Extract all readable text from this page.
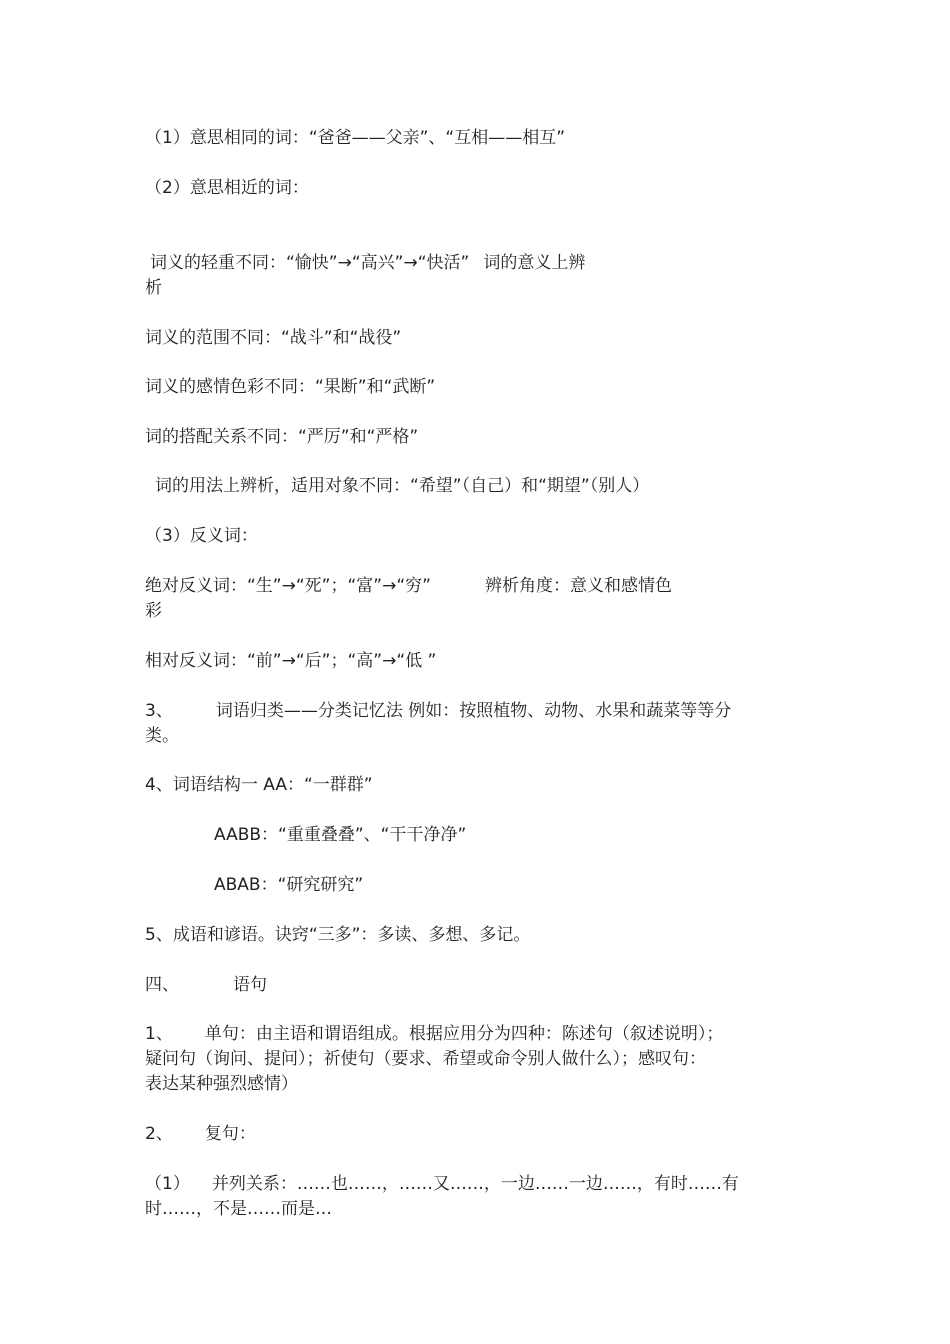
（1）意思相同的词：“爸爸——父亲”、“互相——相互”
（2）意思相近的词：
词义的轻重不同：“愉快”→“高兴”→“快活” 词的意义上辨
析
词义的范围不同：“战斗”和“战役”
词义的感情色彩不同：“果断”和“武断”
词的搭配关系不同：“严厉”和“严格”
词的用法上辨析，适用对象不同：“希望”（自己）和“期望”（别人）
（3）反义词：
绝对反义词：“生”→“死”；“富”→“穷”	辨析角度：意义和感情色
彩
相对反义词：“前”→“后”；“高”→“低 ”
3、	词语归类——分类记忆法 例如：按照植物、动物、水果和蔬菜等等分
类。
4、词语结构一 AA：“一群群”
AABB：“重重叠叠”、“干干净净”
ABAB：“研究研究”
5、成语和谚语。诀窍“三多”：多读、多想、多记。
四、	语句
1、 单句：由主语和谓语组成。根据应用分为四种：陈述句（叙述说明）；
疑问句（询问、提问）；祈使句（要求、希望或命令别人做什么）；感叹句：
表达某种强烈感情）
2、 复句：
（1） 并列关系：……也……，……又……，一边……一边……，有时……有
时……，不是……而是…
